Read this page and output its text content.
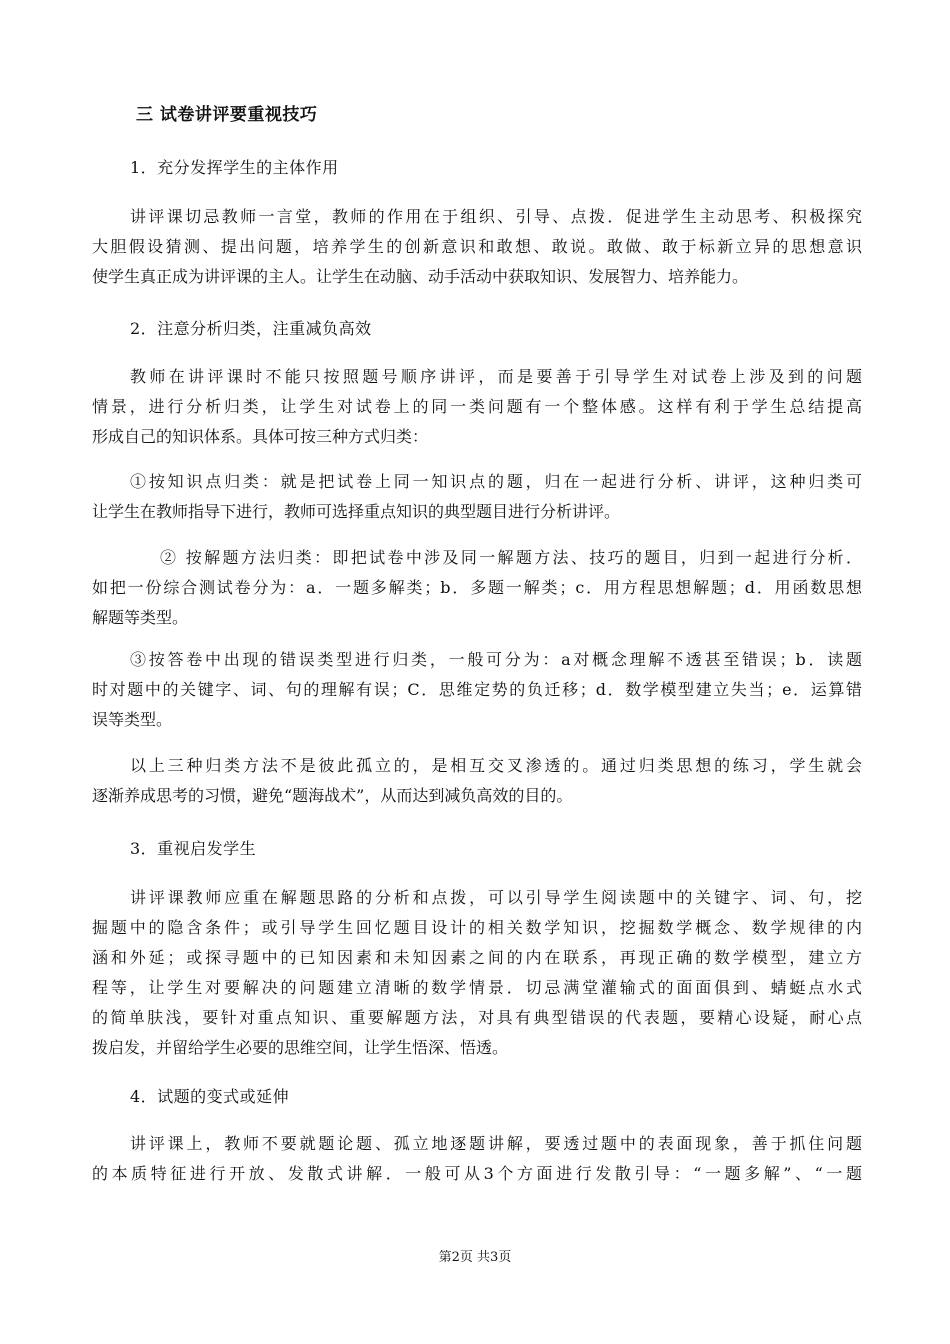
三 试卷讲评要重视技巧
1．充分发挥学生的主体作用
讲评课切忌教师一言堂，教师的作用在于组织、引导、点拨．促进学生主动思考、积极探究
大胆假设猜测、提出问题，培养学生的创新意识和敢想、敢说。敢做、敢于标新立异的思想意识
使学生真正成为讲评课的主人。让学生在动脑、动手活动中获取知识、发展智力、培养能力。
2．注意分析归类，注重减负高效
教师在讲评课时不能只按照题号顺序讲评，而是要善于引导学生对试卷上涉及到的问题
情景，进行分析归类，让学生对试卷上的同一类问题有一个整体感。这样有利于学生总结提高
形成自己的知识体系。具体可按三种方式归类：
①按知识点归类：就是把试卷上同一知识点的题，归在一起进行分析、讲评，这种归类可
让学生在教师指导下进行，教师可选择重点知识的典型题目进行分析讲评。
② 按解题方法归类：即把试卷中涉及同一解题方法、技巧的题目，归到一起进行分析．
如把一份综合测试卷分为：a．一题多解类；b．多题一解类；c．用方程思想解题；d．用函数思想
解题等类型。
③按答卷中出现的错误类型进行归类，一般可分为：a对概念理解不透甚至错误；b．读题
时对题中的关键字、词、句的理解有误；C．思维定势的负迁移；d．数学模型建立失当；e．运算错
误等类型。
以上三种归类方法不是彼此孤立的，是相互交叉渗透的。通过归类思想的练习，学生就会
逐渐养成思考的习惯，避免“题海战术”，从而达到减负高效的目的。
3．重视启发学生
讲评课教师应重在解题思路的分析和点拨，可以引导学生阅读题中的关键字、词、句，挖
掘题中的隐含条件；或引导学生回忆题目设计的相关数学知识，挖掘数学概念、数学规律的内
涵和外延；或探寻题中的已知因素和未知因素之间的内在联系，再现正确的数学模型，建立方
程等，让学生对要解决的问题建立清晰的数学情景．切忌满堂灌输式的面面俱到、蜻蜓点水式
的简单肤浅，要针对重点知识、重要解题方法，对具有典型错误的代表题，要精心设疑，耐心点
拨启发，并留给学生必要的思维空间，让学生悟深、悟透。
4．试题的变式或延伸
讲评课上，教师不要就题论题、孤立地逐题讲解，要透过题中的表面现象，善于抓住问题
的本质特征进行开放、发散式讲解．一般可从3个方面进行发散引导：“一题多解”、“一题
第2页 共3页
